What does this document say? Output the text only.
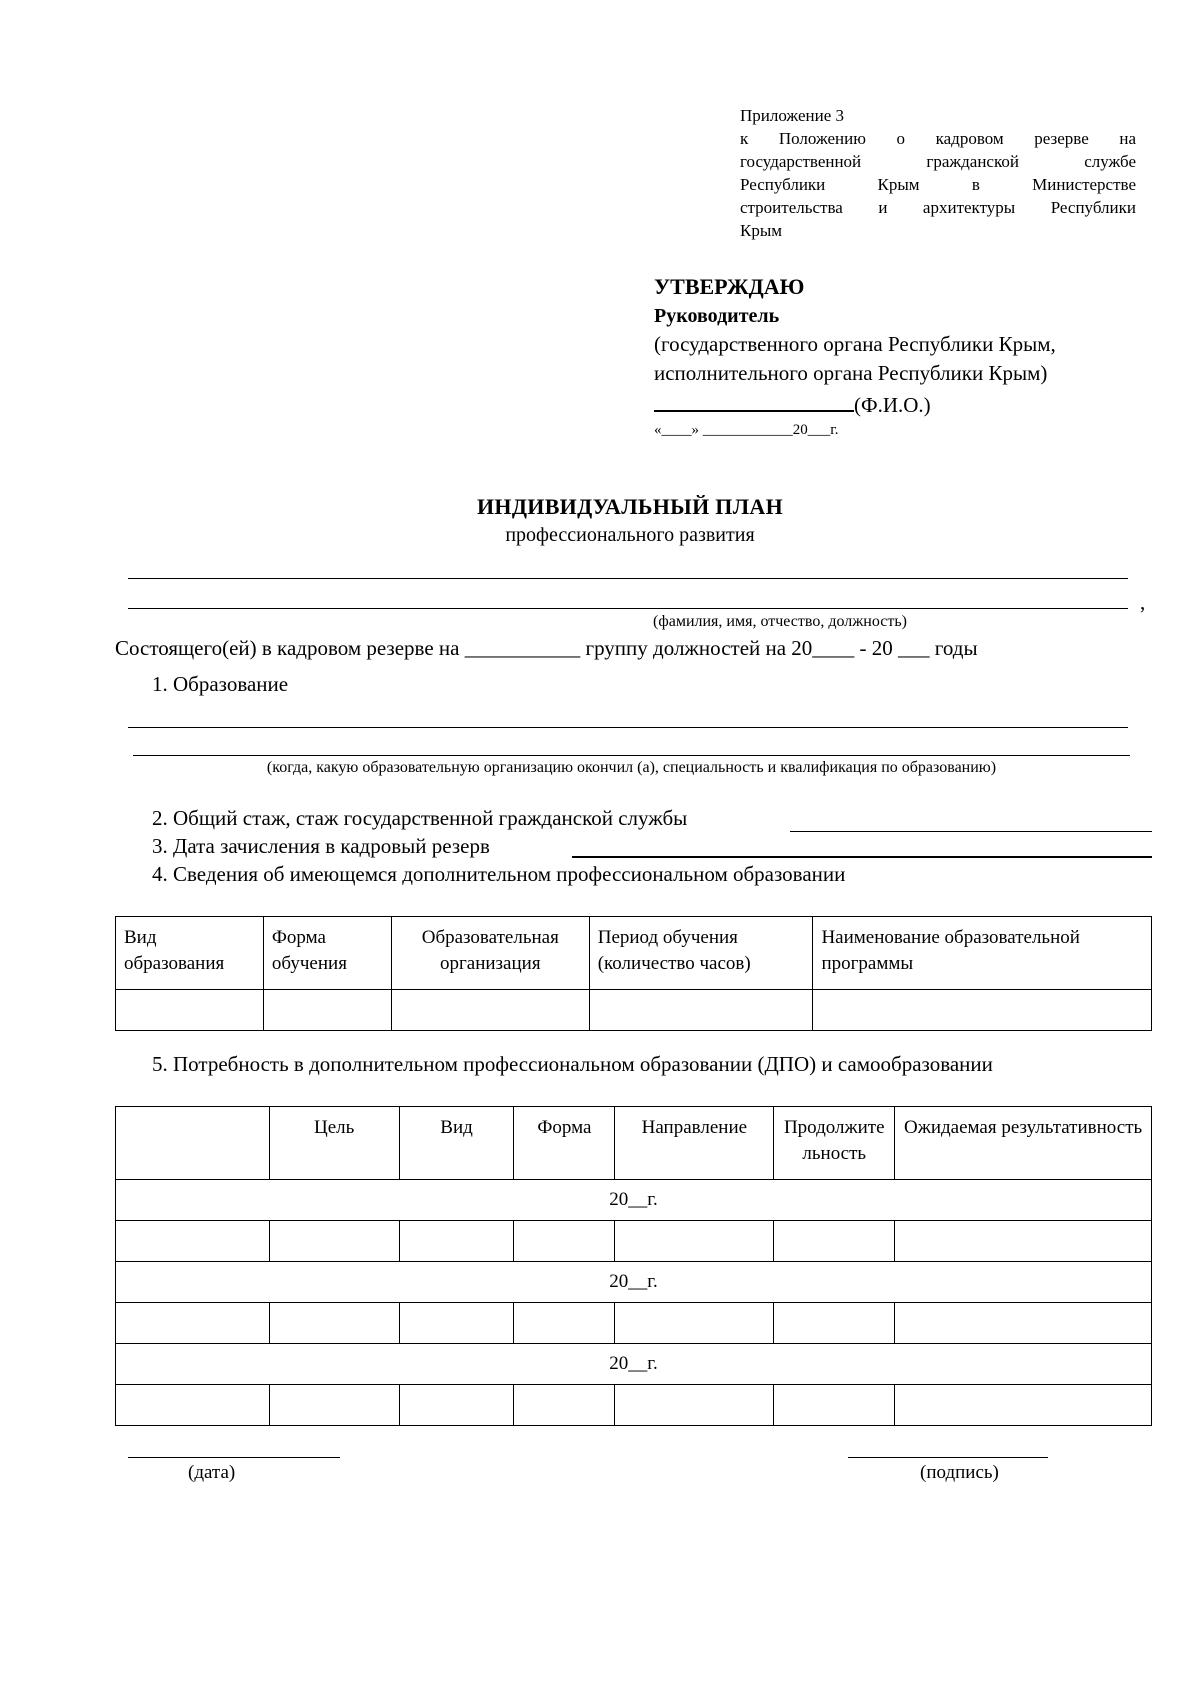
Приложение 3
к Положению о кадровом резерве на
государственной гражданской службе
Республики Крым в Министерстве
строительства и архитектуры Республики
Крым
УТВЕРЖДАЮ
Руководитель
(государственного органа Республики Крым,
исполнительного органа Республики Крым)
(Ф.И.О.)
«____» ____________20___г.
ИНДИВИДУАЛЬНЫЙ ПЛАН
профессионального развития
,
(фамилия, имя, отчество, должность)
Состоящего(ей) в кадровом резерве на ___________ группу должностей на 20____ - 20 ___ годы
1. Образование
(когда, какую образовательную организацию окончил (а), специальность и квалификация по образованию)
2. Общий стаж, стаж государственной гражданской службы
3. Дата зачисления в кадровый резерв
4. Сведения об имеющемся дополнительном профессиональном образовании
Вид образования	Форма обучения	Образовательная организация	Период обучения (количество часов)	Наименование образовательной программы

5. Потребность в дополнительном профессиональном образовании (ДПО) и самообразовании
	Цель	Вид	Форма	Направление	Продолжительность	Ожидаемая результативность
20__г.						

20__г.						

20__г.						

(дата)	(подпись)
